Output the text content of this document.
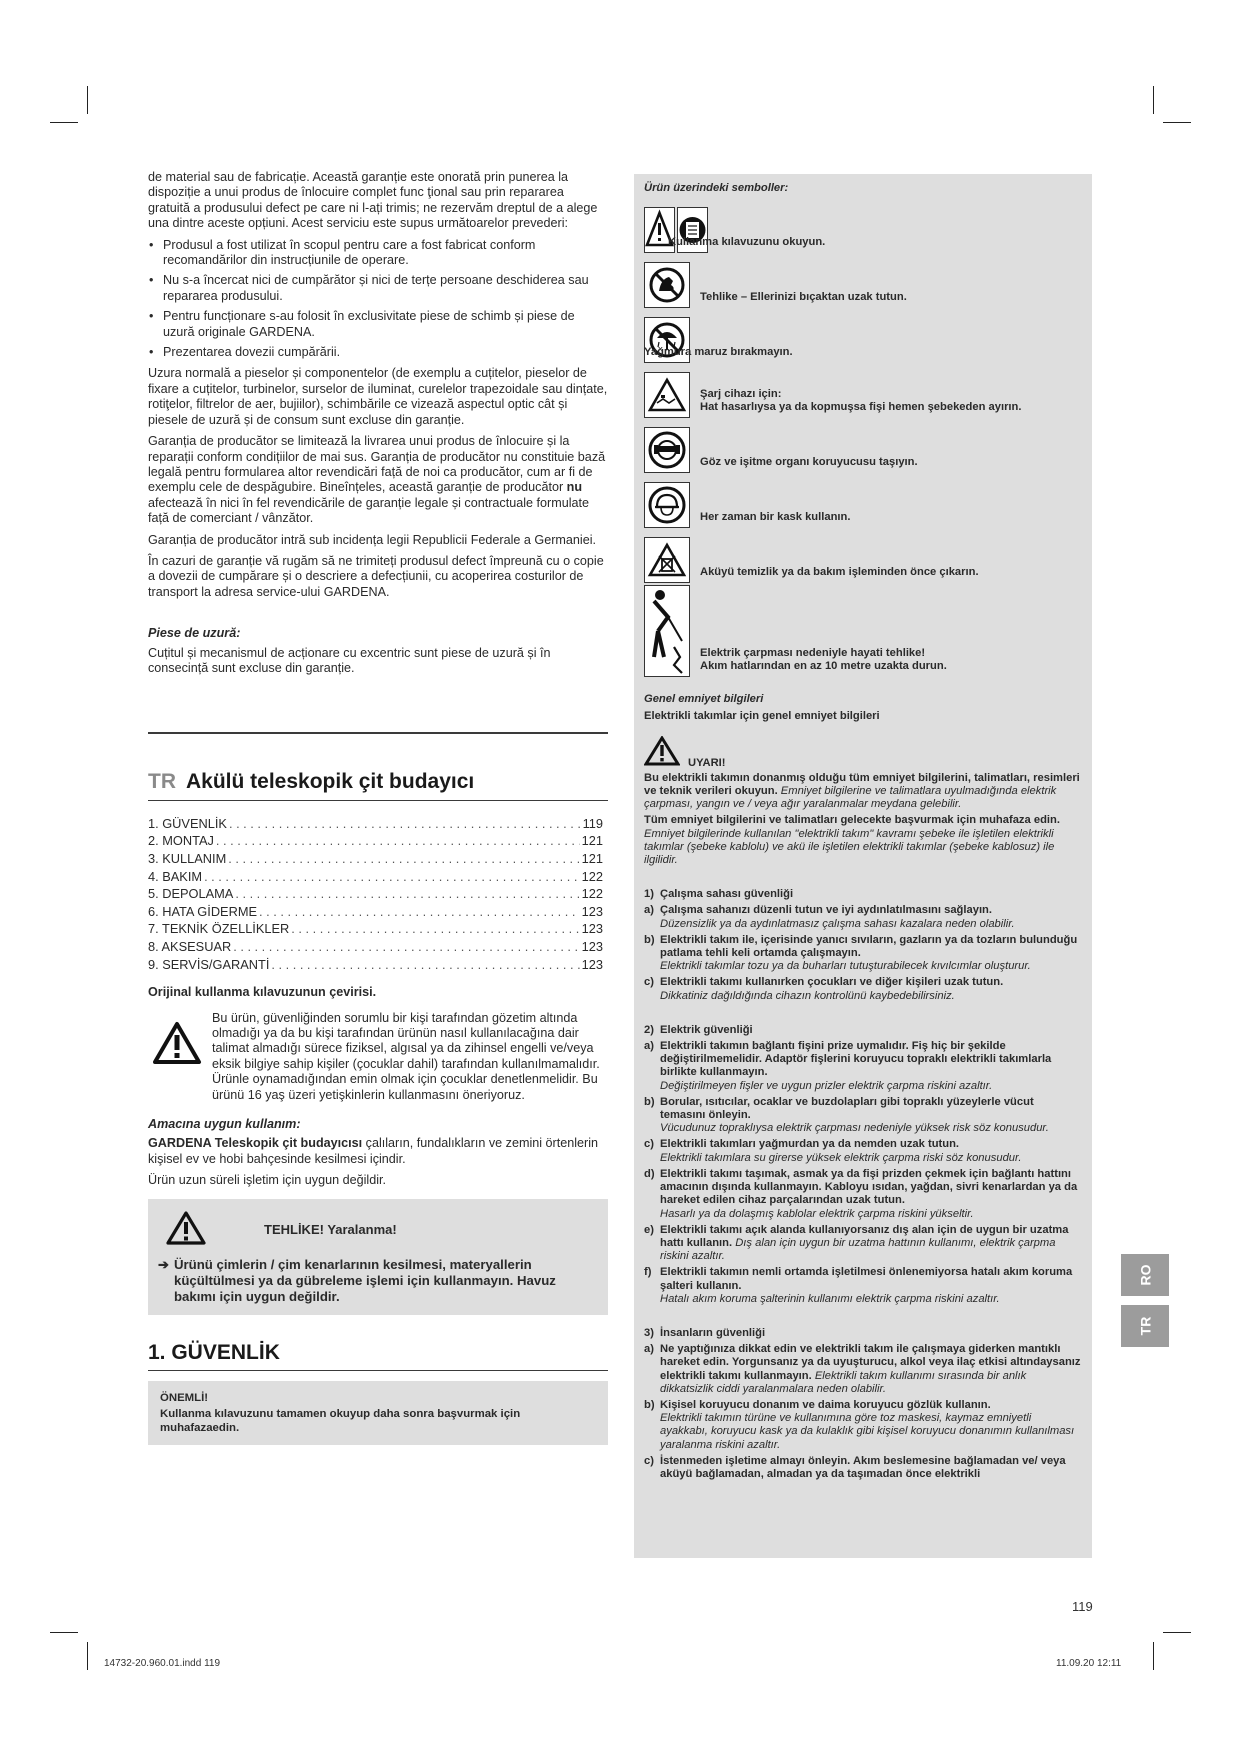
de material sau de fabricație. Această garanție este onorată prin punerea la dispoziție a unui produs de înlocuire complet func ţional sau prin repararea gratuită a produsului defect pe care ni l-ați trimis; ne rezervăm dreptul de a alege una dintre aceste opțiuni. Acest serviciu este supus următoarelor prevederi:

• Produsul a fost utilizat în scopul pentru care a fost fabricat conform recomandărilor din instrucțiunile de operare.
• Nu s-a încercat nici de cumpărător și nici de terțe persoane deschiderea sau repararea produsului.
• Pentru funcționare s-au folosit în exclusivitate piese de schimb și piese de uzură originale GARDENA.
• Prezentarea dovezii cumpărării.

Uzura normală a pieselor și componentelor (de exemplu a cuțitelor, pieselor de fixare a cuțitelor, turbinelor, surselor de iluminat, curelelor trapezoidale sau dințate, rotiţelor, filtrelor de aer, bujiilor), schimbările ce vizează aspectul optic cât și piesele de uzură și de consum sunt excluse din garanție.

Garanția de producător se limitează la livrarea unui produs de înlocuire și la reparații conform condițiilor de mai sus. Garanția de producător nu constituie bază legală pentru formularea altor revendicări față de noi ca producător, cum ar fi de exemplu cele de despăgubire. Bineînțeles, această garanție de producător nu afectează în nici în fel revendicările de garanție legale și contractuale formulate față de comerciant / vânzător.

Garanția de producător intră sub incidența legii Republicii Federale a Germaniei.

În cazuri de garanție vă rugăm să ne trimiteți produsul defect împreună cu o copie a dovezii de cumpărare și o descriere a defecțiunii, cu acoperirea costurilor de transport la adresa service-ului GARDENA.

Piese de uzură:

Cuțitul și mecanismul de acționare cu excentric sunt piese de uzură și în consecință sunt excluse din garanție.

TR Akülü teleskopik çit budayıcı
1. GÜVENLİK . . .	119
2. MONTAJ . . .	121
3. KULLANIM . . .	121
4. BAKIM . . .	122
5. DEPOLAMA . . .	122
6. HATA GİDERME . . .	123
7. TEKNİK ÖZELLİKLER . . .	123
8. AKSESUAR . . .	123
9. SERVİS/GARANTİ . . .	123
Orijinal kullanma kılavuzunun çevirisi.

Bu ürün, güvenliğinden sorumlu bir kişi tarafından gözetim altında olmadığı ya da bu kişi tarafından ürünün nasıl kullanılacağına dair talimat almadığı sürece fiziksel, algısal ya da zihinsel engelli ve/veya eksik bilgiye sahip kişiler (çocuklar dahil) tarafından kullanılmamalıdır. Ürünle oynamadığından emin olmak için çocuklar denetlenmelidir. Bu ürünü 16 yaş üzeri yetişkinlerin kullanmasını öneriyoruz.

Amacına uygun kullanım:

GARDENA Teleskopik çit budayıcısı çalıların, fundalıkların ve zemini örtenlerin kişisel ev ve hobi bahçesinde kesilmesi içindir.

Ürün uzun süreli işletim için uygun değildir.

TEHLİKE! Yaralanma!
➔ Ürünü çimlerin / çim kenarlarının kesilmesi, materyallerin küçültülmesi ya da gübreleme işlemi için kullanmayın. Havuz bakımı için uygun değildir.
1. GÜVENLİK
ÖNEMLİ!
Kullanma kılavuzunu tamamen okuyup daha sonra başvurmak için muhafazaedin.
Ürün üzerindeki semboller:
Kullanma kılavuzunu okuyun.
Tehlike – Ellerinizi bıçaktan uzak tutun.
Yağmura maruz bırakmayın.
Şarj cihazı için:
Hat hasarlıysa ya da kopmuşsa fişi hemen şebekeden ayırın.
Göz ve işitme organı koruyucusu taşıyın.
Her zaman bir kask kullanın.
Aküyü temizlik ya da bakım işleminden önce çıkarın.
Elektrik çarpması nedeniyle hayati tehlike!
Akım hatlarından en az 10 metre uzakta durun.
Genel emniyet bilgileri
Elektrikli takımlar için genel emniyet bilgileri
UYARI!
Bu elektrikli takımın donanmış olduğu tüm emniyet bilgilerini, talimatları, resimleri ve teknik verileri okuyun. Emniyet bilgilerine ve talimatlara uyulmadığında elektrik çarpması, yangın ve / veya ağır yaralanmalar meydana gelebilir.
Tüm emniyet bilgilerini ve talimatları gelecekte başvurmak için muhafaza edin. Emniyet bilgilerinde kullanılan "elektrikli takım" kavramı şebeke ile işletilen elektrikli takımlar (şebeke kablolu) ve akü ile işletilen elektrikli takımlar (şebeke kablosuz) ile ilgilidir.
1) Çalışma sahası güvenliği
a) Çalışma sahanızı düzenli tutun ve iyi aydınlatılmasını sağlayın.
Düzensizlik ya da aydınlatmasız çalışma sahası kazalara neden olabilir.
b) Elektrikli takım ile, içerisinde yanıcı sıvıların, gazların ya da tozların bulunduğu patlama tehli keli ortamda çalışmayın.
Elektrikli takımlar tozu ya da buharları tutuşturabilecek kıvılcımlar oluşturur.
c) Elektrikli takımı kullanırken çocukları ve diğer kişileri uzak tutun.
Dikkatiniz dağıldığında cihazın kontrolünü kaybedebilirsiniz.
2) Elektrik güvenliği
a) Elektrikli takımın bağlantı fişini prize uymalıdır. Fiş hiç bir şekilde değiştirilmemelidir. Adaptör fişlerini koruyucu topraklı elektrikli takımlarla birlikte kullanmayın.
Değiştirilmeyen fişler ve uygun prizler elektrik çarpma riskini azaltır.
b) Borular, ısıtıcılar, ocaklar ve buzdolapları gibi topraklı yüzeylerle vücut temasını önleyin.
Vücudunuz topraklıysa elektrik çarpması nedeniyle yüksek risk söz konusudur.
c) Elektrikli takımları yağmurdan ya da nemden uzak tutun.
Elektrikli takımlara su girerse yüksek elektrik çarpma riski söz konusudur.
d) Elektrikli takımı taşımak, asmak ya da fişi prizden çekmek için bağlantı hattını amacının dışında kullanmayın. Kabloyu ısıdan, yağdan, sivri kenarlardan ya da hareket edilen cihaz parçalarından uzak tutun.
Hasarlı ya da dolaşmış kablolar elektrik çarpma riskini yükseltir.
e) Elektrikli takımı açık alanda kullanıyorsanız dış alan için de uygun bir uzatma hattı kullanın. Dış alan için uygun bir uzatma hattının kullanımı, elektrik çarpma riskini azaltır.
f) Elektrikli takımın nemli ortamda işletilmesi önlenemiyorsa hatalı akım koruma şalteri kullanın.
Hatalı akım koruma şalterinin kullanımı elektrik çarpma riskini azaltır.
3) İnsanların güvenliği
a) Ne yaptığınıza dikkat edin ve elektrikli takım ile çalışmaya giderken mantıklı hareket edin. Yorgunsanız ya da uyuşturucu, alkol veya ilaç etkisi altındaysanız elektrikli takımı kullanmayın. Elektrikli takım kullanımı sırasında bir anlık dikkatsizlik ciddi yaralanmalara neden olabilir.
b) Kişisel koruyucu donanım ve daima koruyucu gözlük kullanın.
Elektrikli takımın türüne ve kullanımına göre toz maskesi, kaymaz emniyetli ayakkabı, koruyucu kask ya da kulaklık gibi kişisel koruyucu donanımın kullanılması yaralanma riskini azaltır.
c) İstenmeden işletime almayı önleyin. Akım beslemesine bağlamadan ve/ veya aküyü bağlamadan, almadan ya da taşımadan önce elektrikli
RO
TR
119
14732-20.960.01.indd 119	11.09.20 12:11
